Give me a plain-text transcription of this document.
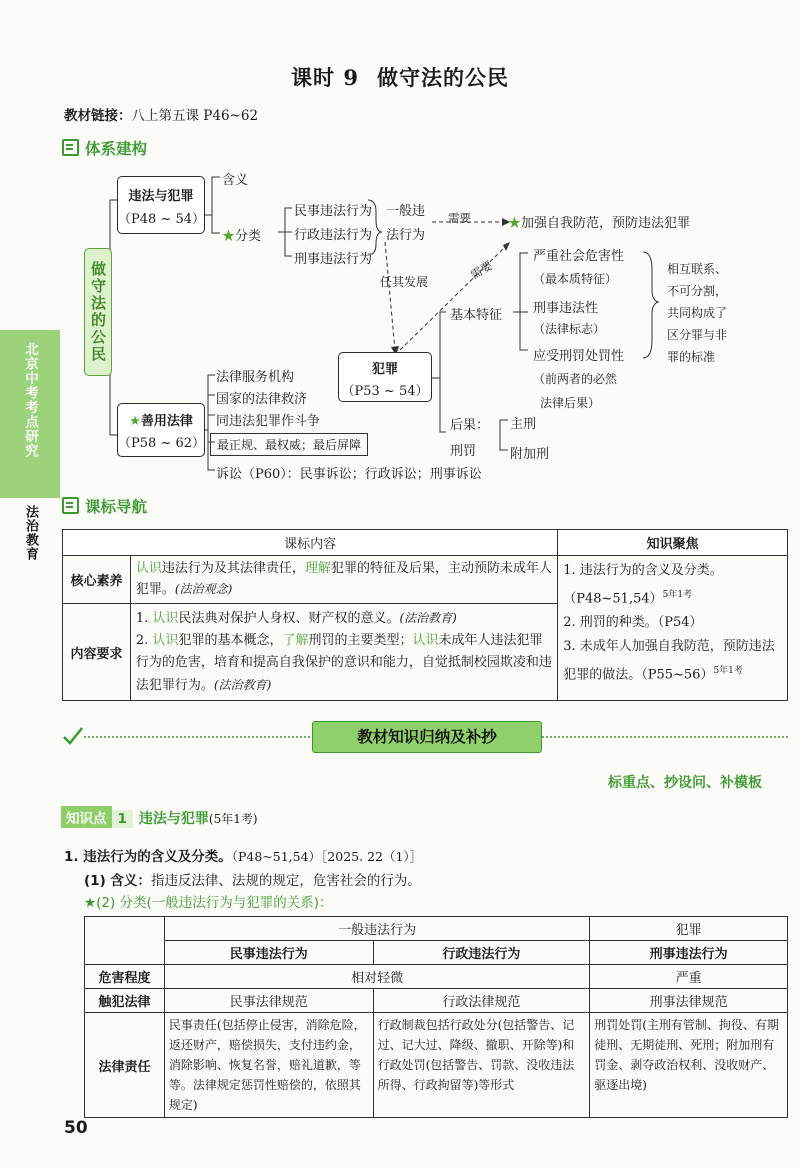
课时 9 做守法的公民
教材链接：八上第五课 P46~62
体系建构
北京中考考点研究
法治教育
做守法的公民
违法与犯罪
（P48 ~ 54）
含义
★分类
民事违法行为
行政违法行为
刑事违法行为
一般违
法行为
需要	★加强自我防范，预防违法犯罪
任其发展
需要
犯罪
（P53 ~ 54）
基本特征
严重社会危害性
（最本质特征）
刑事违法性
（法律标志）
应受刑罚处罚性
（前两者的必然
法律后果）
相互联系、
不可分割，
共同构成了
区分罪与非
罪的标准
后果：
刑罚
主刑
附加刑
★善用法律
（P58 ~ 62）
法律服务机构
国家的法律救济
同违法犯罪作斗争
最正规、最权威；最后屏障
诉讼（P60）：民事诉讼；行政诉讼；刑事诉讼
课标导航
课标内容		知识聚焦
核心素养	认识违法行为及其法律责任，理解犯罪的特征及后果，主动预防未成年人犯罪。(法治观念)	1. 违法行为的含义及分类。（P48~51,54）$^{5年1考}$
2. 刑罚的种类。（P54）
3. 未成年人加强自我防范，预防违法犯罪的做法。（P55~56）$^{5年1考}$

内容要求	1. 认识民法典对保护人身权、财产权的意义。(法治教育)
2. 认识犯罪的基本概念，了解刑罚的主要类型；认识未成年人违法犯罪行为的危害，培育和提高自我保护的意识和能力，自觉抵制校园欺凌和违法犯罪行为。(法治教育)	
教材知识归纳及补抄
标重点、抄设问、补模板
知识点 1 违法与犯罪(5年1考)
1. 违法行为的含义及分类。（P48~51,54）［2025. 22（1）］
(1) 含义：指违反法律、法规的规定，危害社会的行为。
★(2) 分类(一般违法行为与犯罪的关系)：
	一般违法行为		犯罪
	民事违法行为	行政违法行为	刑事违法行为
危害程度	相对轻微		严重
触犯法律	民事法律规范	行政法律规范	刑事法律规范
法律责任	民事责任(包括停止侵害，消除危险，返还财产，赔偿损失，支付违约金，消除影响、恢复名誉，赔礼道歉，等等。法律规定惩罚性赔偿的，依照其规定)	行政制裁包括行政处分(包括警告、记过、记大过、降级、撤职、开除等)和行政处罚(包括警告、罚款、没收违法所得、行政拘留等)等形式	刑罚处罚(主刑有管制、拘役、有期徒刑、无期徒刑、死刑；附加刑有罚金、剥夺政治权利、没收财产、驱逐出境)
50
